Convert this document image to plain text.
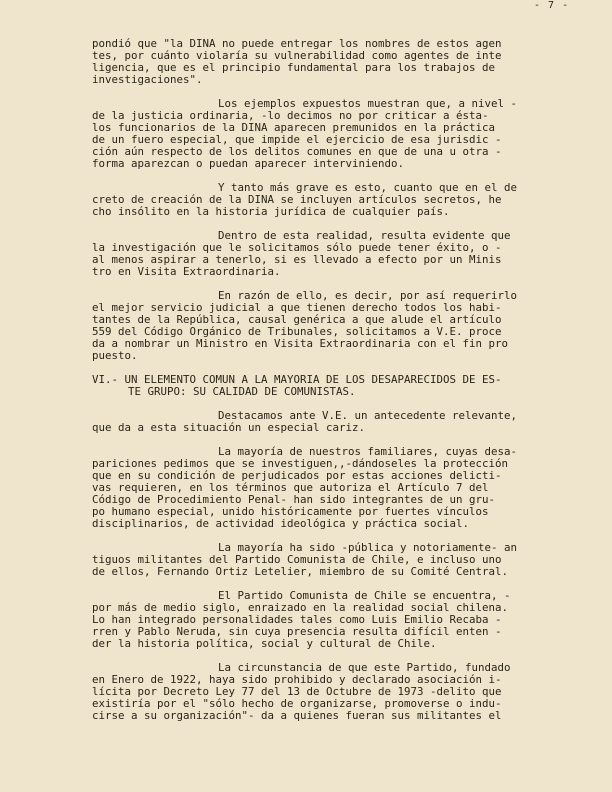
- 7 -
pondió que "la DINA no puede entregar los nombres de estos agen
tes, por cuánto violaría su vulnerabilidad como agentes de inte
ligencia, que es el principio fundamental para los trabajos de
investigaciones".
Los ejemplos expuestos muestran que, a nivel -
de la justicia ordinaria, -lo decimos no por criticar a ésta-
los funcionarios de la DINA aparecen premunidos en la práctica
de un fuero especial, que impide el ejercicio de esa jurisdic -
ción aún respecto de los delitos comunes en que de una u otra -
forma aparezcan o puedan aparecer interviniendo.
Y tanto más grave es esto, cuanto que en el de
creto de creación de la DINA se incluyen artículos secretos, he
cho insólito en la historia jurídica de cualquier país.
Dentro de esta realidad, resulta evidente que
la investigación que le solicitamos sólo puede tener éxito, o -
al menos aspirar a tenerlo, si es llevado a efecto por un Minis
tro en Visita Extraordinaria.
En razón de ello, es decir, por así requerirlo
el mejor servicio judicial a que tienen derecho todos los habi-
tantes de la República, causal genérica a que alude el artículo
559 del Código Orgánico de Tribunales, solicitamos a V.E. proce
da a nombrar un Ministro en Visita Extraordinaria con el fin pro
puesto.
VI.- UN ELEMENTO COMUN A LA MAYORIA DE LOS DESAPARECIDOS DE ES-
TE GRUPO: SU CALIDAD DE COMUNISTAS.
Destacamos ante V.E. un antecedente relevante,
que da a esta situación un especial cariz.
La mayoría de nuestros familiares, cuyas desa-
pariciones pedimos que se investiguen,,-dándoseles la protección
que en su condición de perjudicados por estas acciones delicti-
vas requieren, en los términos que autoriza el Artículo 7 del
Código de Procedimiento Penal- han sido integrantes de un gru-
po humano especial, unido históricamente por fuertes vínculos
disciplinarios, de actividad ideológica y práctica social.
La mayoría ha sido -pública y notoriamente- an
tiguos militantes del Partido Comunista de Chile, e incluso uno
de ellos, Fernando Ortiz Letelier, miembro de su Comité Central.
El Partido Comunista de Chile se encuentra, -
por más de medio siglo, enraizado en la realidad social chilena.
Lo han integrado personalidades tales como Luis Emilio Recaba -
rren y Pablo Neruda, sin cuya presencia resulta difícil enten -
der la historia política, social y cultural de Chile.
La circunstancia de que este Partido, fundado
en Enero de 1922, haya sido prohibido y declarado asociación i-
lícita por Decreto Ley 77 del 13 de Octubre de 1973 -delito que
existiría por el "sólo hecho de organizarse, promoverse o indu-
cirse a su organización"- da a quienes fueran sus militantes el
